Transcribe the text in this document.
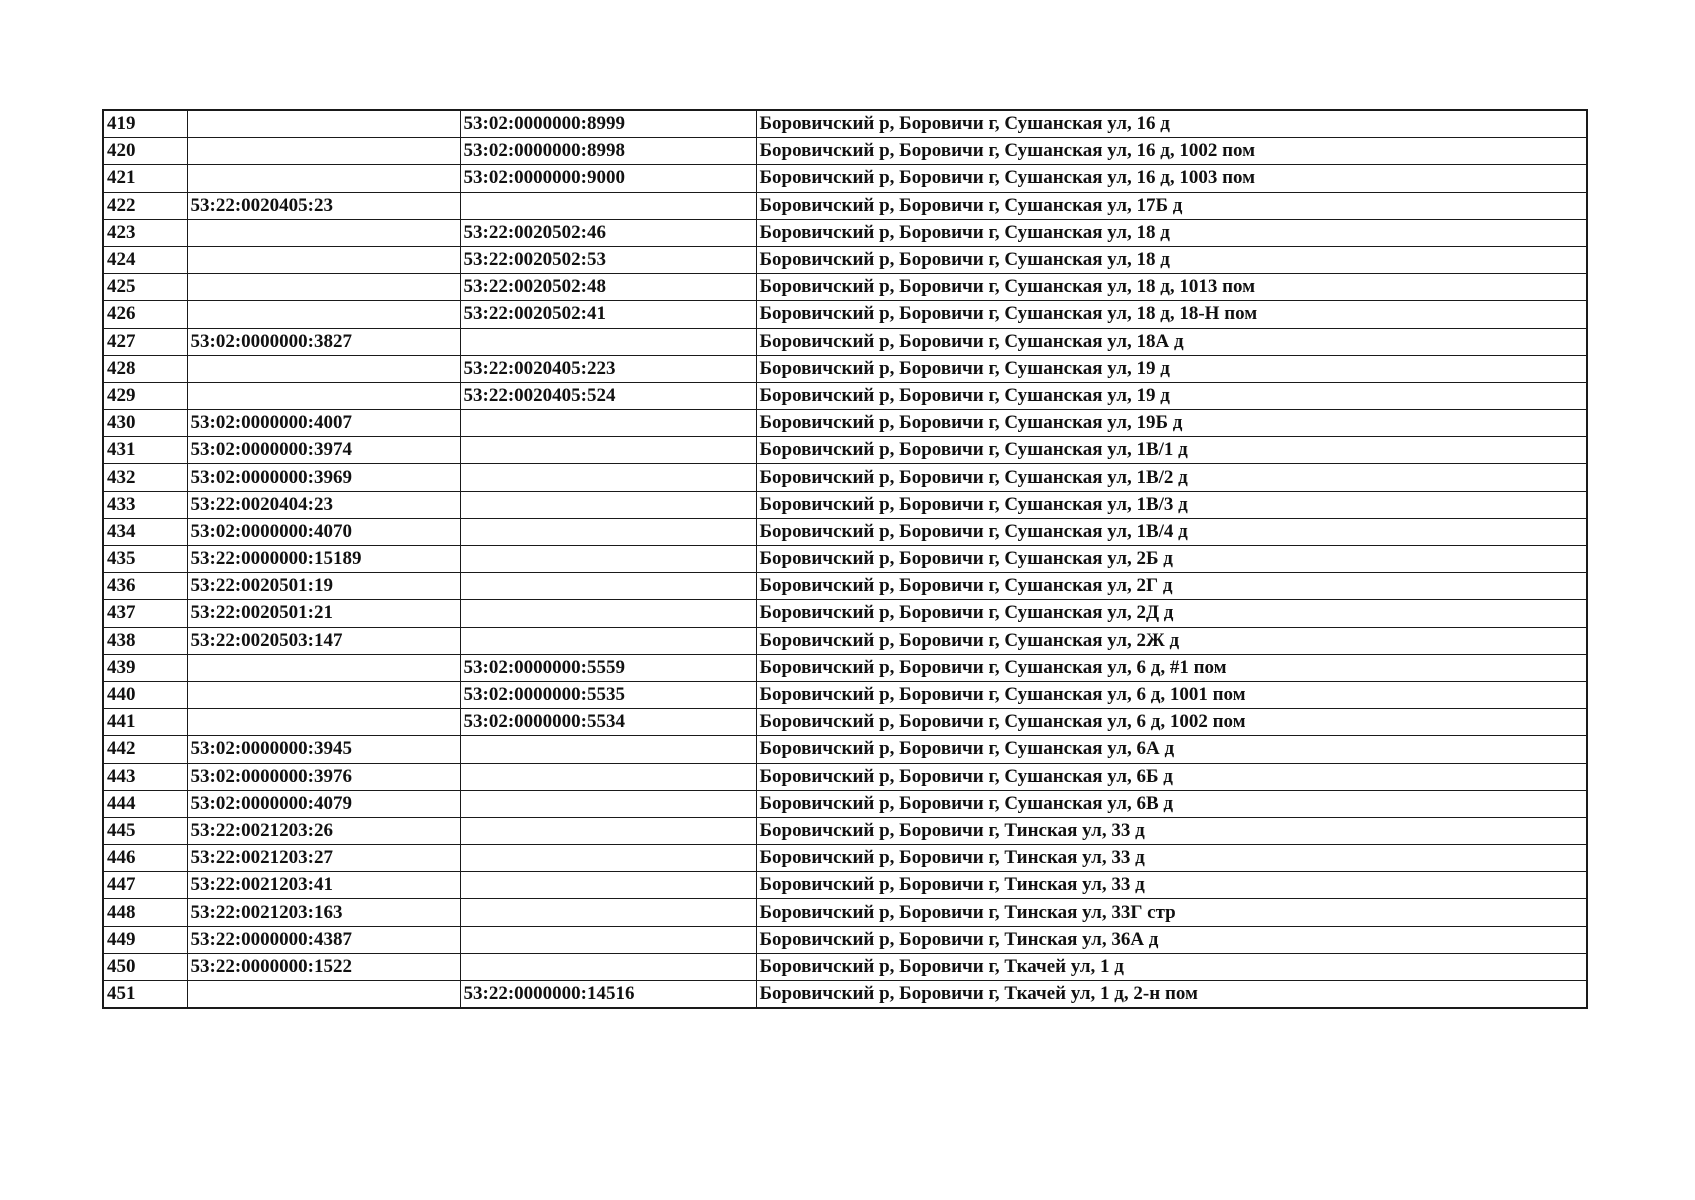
419		53:02:0000000:8999	Боровичский р, Боровичи г, Сушанская ул, 16 д
420		53:02:0000000:8998	Боровичский р, Боровичи г, Сушанская ул, 16 д, 1002 пом
421		53:02:0000000:9000	Боровичский р, Боровичи г, Сушанская ул, 16 д, 1003 пом
422	53:22:0020405:23		Боровичский р, Боровичи г, Сушанская ул, 17Б д
423		53:22:0020502:46	Боровичский р, Боровичи г, Сушанская ул, 18 д
424		53:22:0020502:53	Боровичский р, Боровичи г, Сушанская ул, 18 д
425		53:22:0020502:48	Боровичский р, Боровичи г, Сушанская ул, 18 д, 1013 пом
426		53:22:0020502:41	Боровичский р, Боровичи г, Сушанская ул, 18 д, 18-Н пом
427	53:02:0000000:3827		Боровичский р, Боровичи г, Сушанская ул, 18А д
428		53:22:0020405:223	Боровичский р, Боровичи г, Сушанская ул, 19 д
429		53:22:0020405:524	Боровичский р, Боровичи г, Сушанская ул, 19 д
430	53:02:0000000:4007		Боровичский р, Боровичи г, Сушанская ул, 19Б д
431	53:02:0000000:3974		Боровичский р, Боровичи г, Сушанская ул, 1В/1 д
432	53:02:0000000:3969		Боровичский р, Боровичи г, Сушанская ул, 1В/2 д
433	53:22:0020404:23		Боровичский р, Боровичи г, Сушанская ул, 1В/3 д
434	53:02:0000000:4070		Боровичский р, Боровичи г, Сушанская ул, 1В/4 д
435	53:22:0000000:15189		Боровичский р, Боровичи г, Сушанская ул, 2Б д
436	53:22:0020501:19		Боровичский р, Боровичи г, Сушанская ул, 2Г д
437	53:22:0020501:21		Боровичский р, Боровичи г, Сушанская ул, 2Д д
438	53:22:0020503:147		Боровичский р, Боровичи г, Сушанская ул, 2Ж д
439		53:02:0000000:5559	Боровичский р, Боровичи г, Сушанская ул, 6 д, #1 пом
440		53:02:0000000:5535	Боровичский р, Боровичи г, Сушанская ул, 6 д, 1001 пом
441		53:02:0000000:5534	Боровичский р, Боровичи г, Сушанская ул, 6 д, 1002 пом
442	53:02:0000000:3945		Боровичский р, Боровичи г, Сушанская ул, 6А д
443	53:02:0000000:3976		Боровичский р, Боровичи г, Сушанская ул, 6Б д
444	53:02:0000000:4079		Боровичский р, Боровичи г, Сушанская ул, 6В д
445	53:22:0021203:26		Боровичский р, Боровичи г, Тинская ул, 33 д
446	53:22:0021203:27		Боровичский р, Боровичи г, Тинская ул, 33 д
447	53:22:0021203:41		Боровичский р, Боровичи г, Тинская ул, 33 д
448	53:22:0021203:163		Боровичский р, Боровичи г, Тинская ул, 33Г стр
449	53:22:0000000:4387		Боровичский р, Боровичи г, Тинская ул, 36А д
450	53:22:0000000:1522		Боровичский р, Боровичи г, Ткачей ул, 1 д
451		53:22:0000000:14516	Боровичский р, Боровичи г, Ткачей ул, 1 д, 2-н пом
